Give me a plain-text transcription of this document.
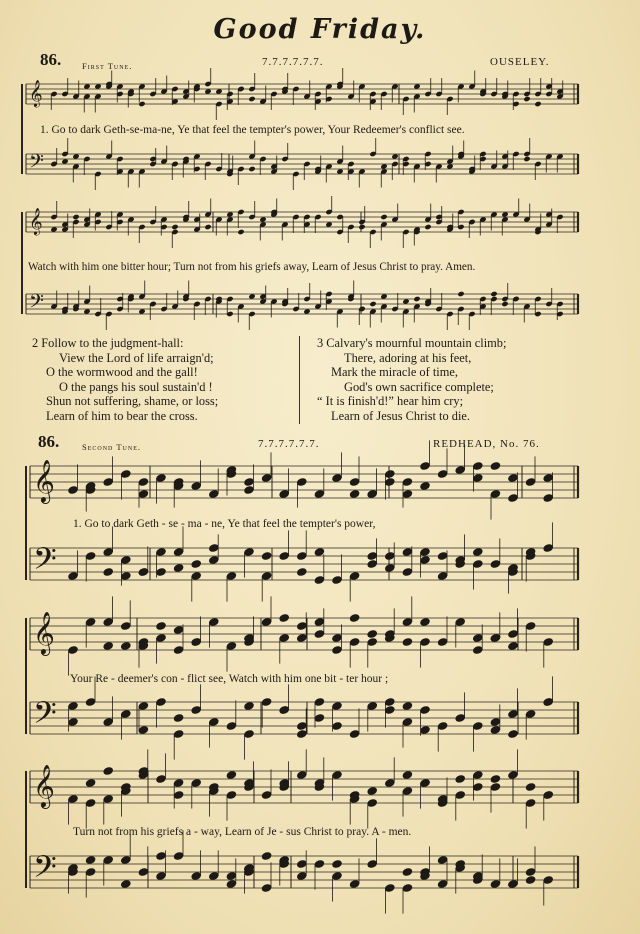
Good Friday.
86. First Tune.	7.7.7.7.7.7.	OUSELEY.
1. Go to dark Geth-se-ma-ne, Ye that feel the tempter's power, Your Redeemer's conflict see.
Watch with him one bitter hour; Turn not from his griefs away, Learn of Jesus Christ to pray. Amen.
2 Follow to the judgment-hall:
View the Lord of life arraign'd;
O the wormwood and the gall!
O the pangs his soul sustain'd !
Shun not suffering, shame, or loss;
Learn of him to bear the cross.
3 Calvary's mournful mountain climb;
There, adoring at his feet,
Mark the miracle of time,
God's own sacrifice complete;
“ It is finish'd!” hear him cry;
Learn of Jesus Christ to die.
86.	Second Tune.	7.7.7.7.7.7.	REDHEAD, No. 76.
1. Go to dark Geth - se - ma - ne, Ye that feel the tempter's power,
Your Re - deemer's con - flict see, Watch with him one bit - ter hour ;
Turn not from his griefs a - way, Learn of Je - sus Christ to pray. A - men.
𝄞
𝄢
𝄞
𝄢
𝄞
𝄢
𝄞
𝄢
𝄞
𝄢
